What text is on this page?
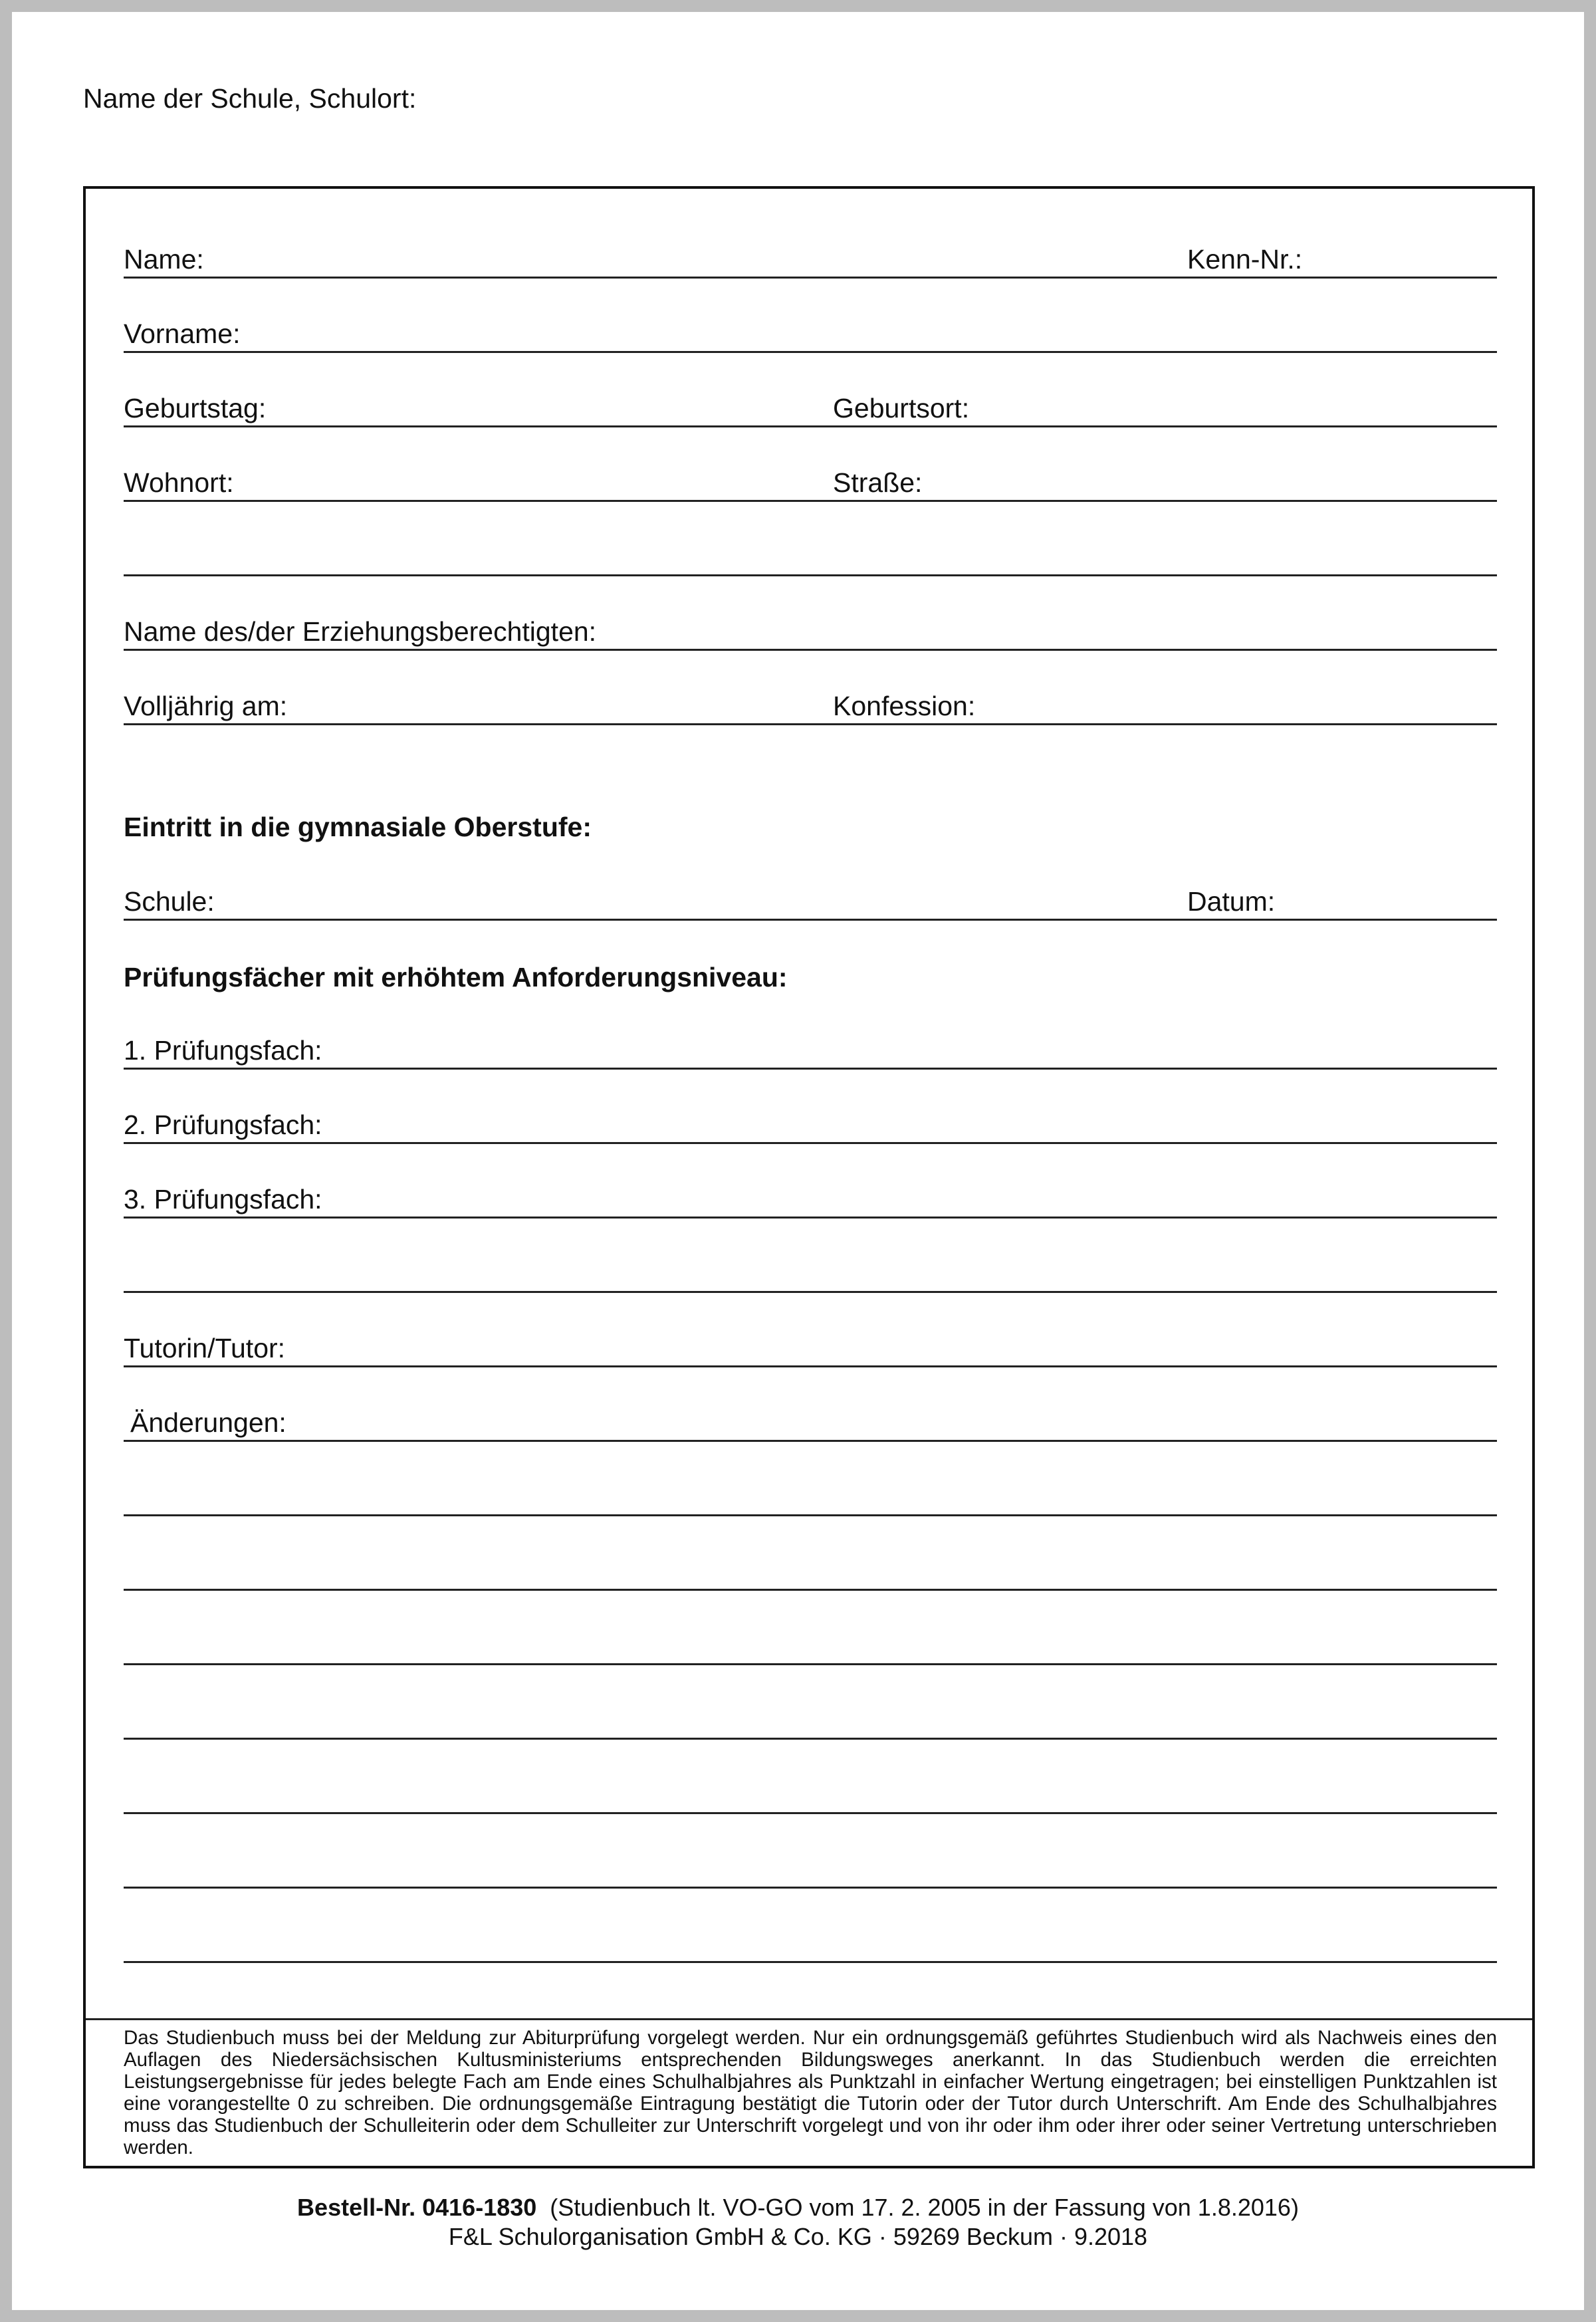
Name der Schule, Schulort:
Name:	Kenn-Nr.:
Vorname:
Geburtstag:	Geburtsort:
Wohnort:	Straße:
Name des/der Erziehungsberechtigten:
Volljährig am:	Konfession:
Eintritt in die gymnasiale Oberstufe:
Schule:	Datum:
Prüfungsfächer mit erhöhtem Anforderungsniveau:
1. Prüfungsfach:
2. Prüfungsfach:
3. Prüfungsfach:
Tutorin/Tutor:
Änderungen:

Das Studienbuch muss bei der Meldung zur Abiturprüfung vorgelegt werden. Nur ein ordnungsgemäß geführtes Studienbuch wird als Nachweis eines den Auflagen des Niedersächsischen Kultusministeriums entsprechenden Bildungsweges anerkannt. In das Studienbuch werden die erreichten Leistungsergebnisse für jedes belegte Fach am Ende eines Schulhalbjahres als Punktzahl in einfacher Wertung eingetragen; bei einstelligen Punktzahlen ist eine vorangestellte 0 zu schreiben. Die ordnungsgemäße Eintragung bestätigt die Tutorin oder der Tutor durch Unterschrift. Am Ende des Schulhalbjahres muss das Studienbuch der Schulleiterin oder dem Schulleiter zur Unterschrift vorgelegt und von ihr oder ihm oder ihrer oder seiner Vertretung unterschrieben werden.

Bestell-Nr. 0416-1830 (Studienbuch lt. VO-GO vom 17. 2. 2005 in der Fassung von 1.8.2016)
F&L Schulorganisation GmbH & Co. KG · 59269 Beckum · 9.2018
